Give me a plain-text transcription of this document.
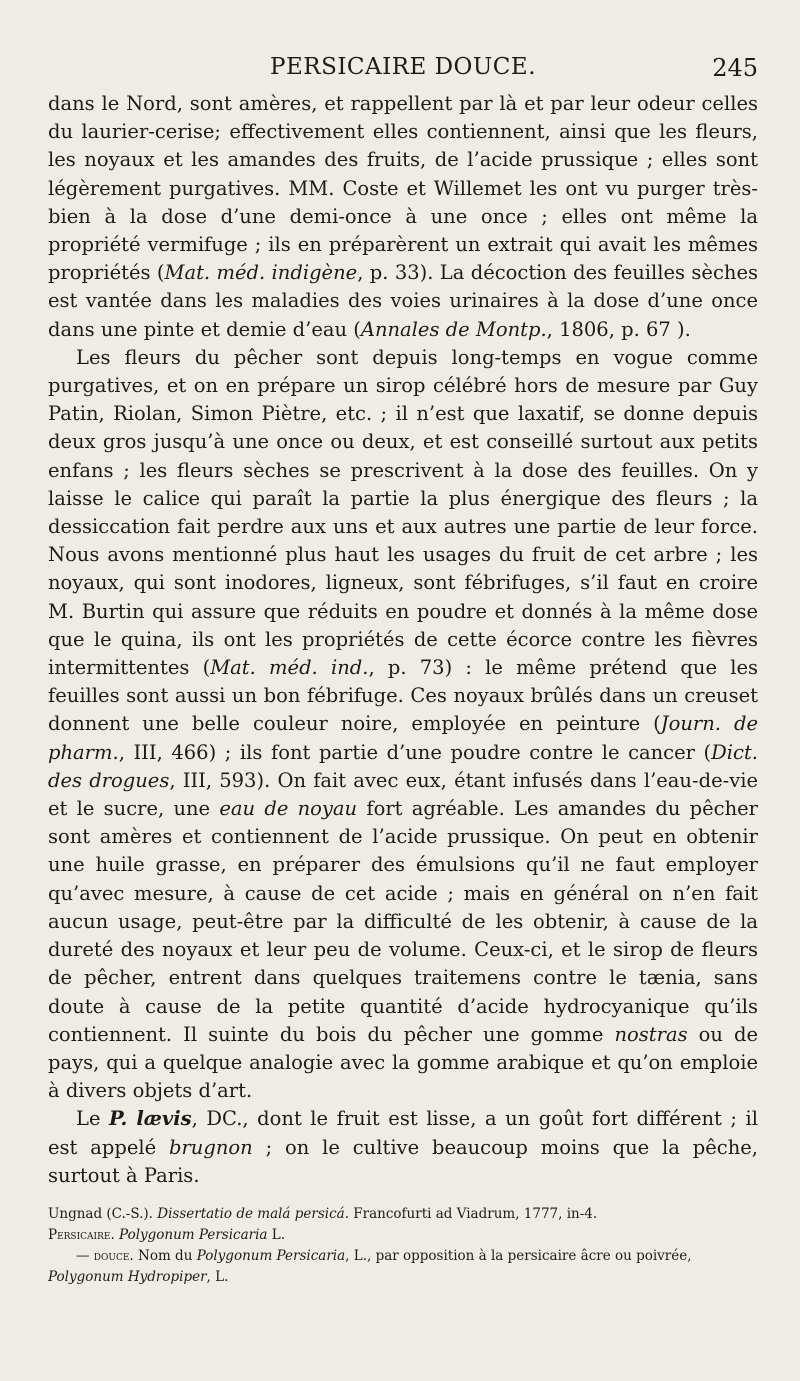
PERSICAIRE DOUCE.	245

dans le Nord, sont amères, et rappellent par là et par leur odeur celles du laurier-cerise; effectivement elles contiennent, ainsi que les fleurs, les noyaux et les amandes des fruits, de l’acide prussique ; elles sont légèrement purgatives. MM. Coste et Willemet les ont vu purger très-bien à la dose d’une demi-once à une once ; elles ont même la propriété vermifuge ; ils en préparèrent un extrait qui avait les mêmes propriétés (Mat. méd. indigène, p. 33). La décoction des feuilles sèches est vantée dans les maladies des voies urinaires à la dose d’une once dans une pinte et demie d’eau (Annales de Montp., 1806, p. 67 ).

Les fleurs du pêcher sont depuis long-temps en vogue comme purgatives, et on en prépare un sirop célébré hors de mesure par Guy Patin, Riolan, Simon Piètre, etc. ; il n’est que laxatif, se donne depuis deux gros jusqu’à une once ou deux, et est conseillé surtout aux petits enfans ; les fleurs sèches se prescrivent à la dose des feuilles. On y laisse le calice qui paraît la partie la plus énergique des fleurs ; la dessiccation fait perdre aux uns et aux autres une partie de leur force. Nous avons mentionné plus haut les usages du fruit de cet arbre ; les noyaux, qui sont inodores, ligneux, sont fébrifuges, s’il faut en croire M. Burtin qui assure que réduits en poudre et donnés à la même dose que le quina, ils ont les propriétés de cette écorce contre les fièvres intermittentes (Mat. méd. ind., p. 73) : le même prétend que les feuilles sont aussi un bon fébrifuge. Ces noyaux brûlés dans un creuset donnent une belle couleur noire, employée en peinture (Journ. de pharm., III, 466) ; ils font partie d’une poudre contre le cancer (Dict. des drogues, III, 593). On fait avec eux, étant infusés dans l’eau-de-vie et le sucre, une eau de noyau fort agréable. Les amandes du pêcher sont amères et contiennent de l’acide prussique. On peut en obtenir une huile grasse, en préparer des émulsions qu’il ne faut employer qu’avec mesure, à cause de cet acide ; mais en général on n’en fait aucun usage, peut-être par la difficulté de les obtenir, à cause de la dureté des noyaux et leur peu de volume. Ceux-ci, et le sirop de fleurs de pêcher, entrent dans quelques traitemens contre le tænia, sans doute à cause de la petite quantité d’acide hydrocyanique qu’ils contiennent. Il suinte du bois du pêcher une gomme nostras ou de pays, qui a quelque analogie avec la gomme arabique et qu’on emploie à divers objets d’art.

Le P. lævis, DC., dont le fruit est lisse, a un goût fort différent ; il est appelé brugnon ; on le cultive beaucoup moins que la pêche, surtout à Paris.

Ungnad (C.-S.). Dissertatio de malá persicá. Francofurti ad Viadrum, 1777, in-4.

Persicaire. Polygonum Persicaria L.

— douce. Nom du Polygonum Persicaria, L., par opposition à la persicaire âcre ou poivrée, Polygonum Hydropiper, L.
